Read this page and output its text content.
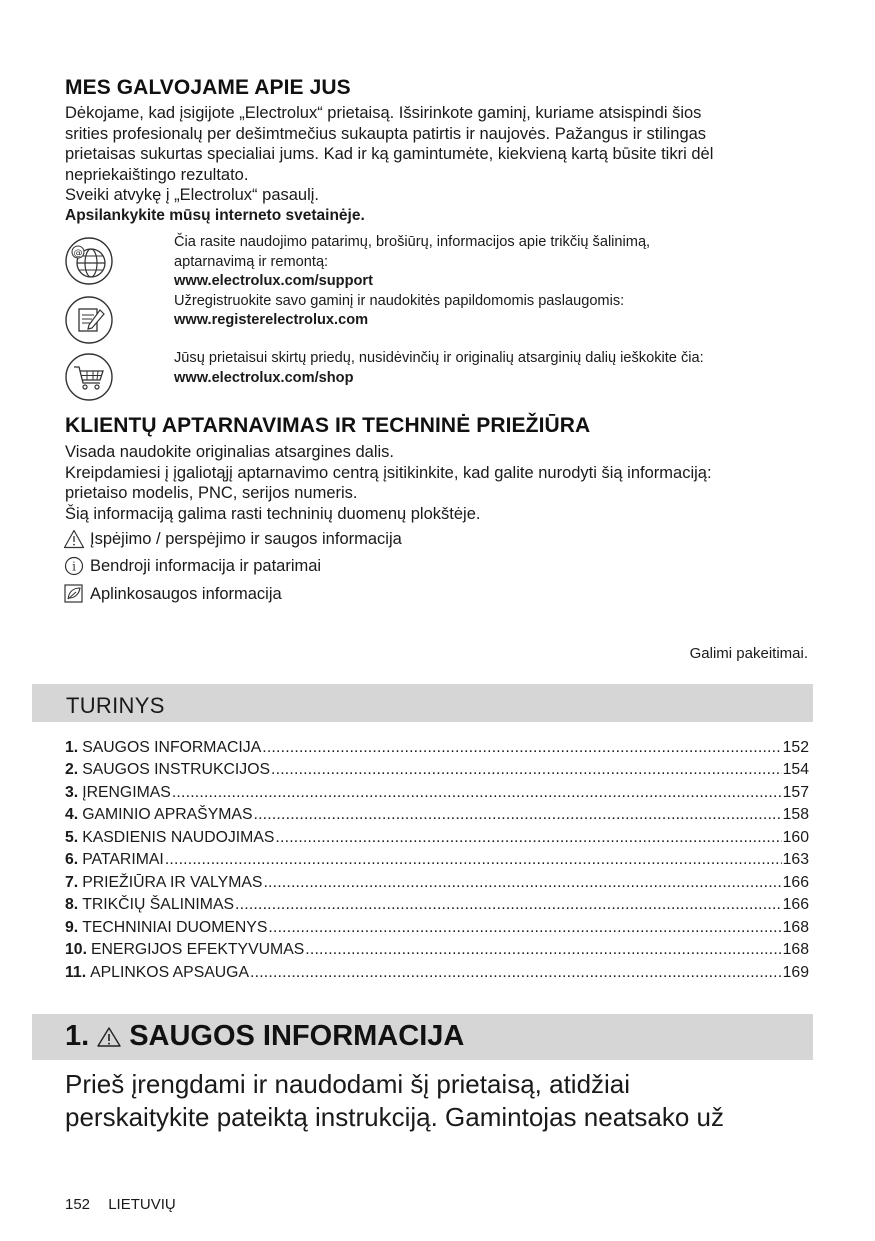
MES GALVOJAME APIE JUS
Dėkojame, kad įsigijote „Electrolux“ prietaisą. Išsirinkote gaminį, kuriame atsispindi šios
srities profesionalų per dešimtmečius sukaupta patirtis ir naujovės. Pažangus ir stilingas
prietaisas sukurtas specialiai jums. Kad ir ką gamintumėte, kiekvieną kartą būsite tikri dėl
nepriekaištingo rezultato.
Sveiki atvykę į „Electrolux“ pasaulį.
Apsilankykite mūsų interneto svetainėje.
@
Čia rasite naudojimo patarimų, brošiūrų, informacijos apie trikčių šalinimą,
aptarnavimą ir remontą:
www.electrolux.com/support
Užregistruokite savo gaminį ir naudokitės papildomomis paslaugomis:
www.registerelectrolux.com
Jūsų prietaisui skirtų priedų, nusidėvinčių ir originalių atsarginių dalių ieškokite čia:
www.electrolux.com/shop
KLIENTŲ APTARNAVIMAS IR TECHNINĖ PRIEŽIŪRA
Visada naudokite originalias atsargines dalis.
Kreipdamiesi į įgaliotąjį aptarnavimo centrą įsitikinkite, kad galite nurodyti šią informaciją:
prietaiso modelis, PNC, serijos numeris.
Šią informaciją galima rasti techninių duomenų plokštėje.
Įspėjimo / perspėjimo ir saugos informacija
i Bendroji informacija ir patarimai
Aplinkosaugos informacija
Galimi pakeitimai.
TURINYS
1. SAUGOS INFORMACIJA .....	152
2. SAUGOS INSTRUKCIJOS .....	154
3. ĮRENGIMAS .....	157
4. GAMINIO APRAŠYMAS .....	158
5. KASDIENIS NAUDOJIMAS .....	160
6. PATARIMAI .....	163
7. PRIEŽIŪRA IR VALYMAS .....	166
8. TRIKČIŲ ŠALINIMAS .....	166
9. TECHNINIAI DUOMENYS .....	168
10. ENERGIJOS EFEKTYVUMAS .....	168
11. APLINKOS APSAUGA .....	169
1. SAUGOS INFORMACIJA
Prieš įrengdami ir naudodami šį prietaisą, atidžiai
perskaitykite pateiktą instrukciją. Gamintojas neatsako už
152 LIETUVIŲ
